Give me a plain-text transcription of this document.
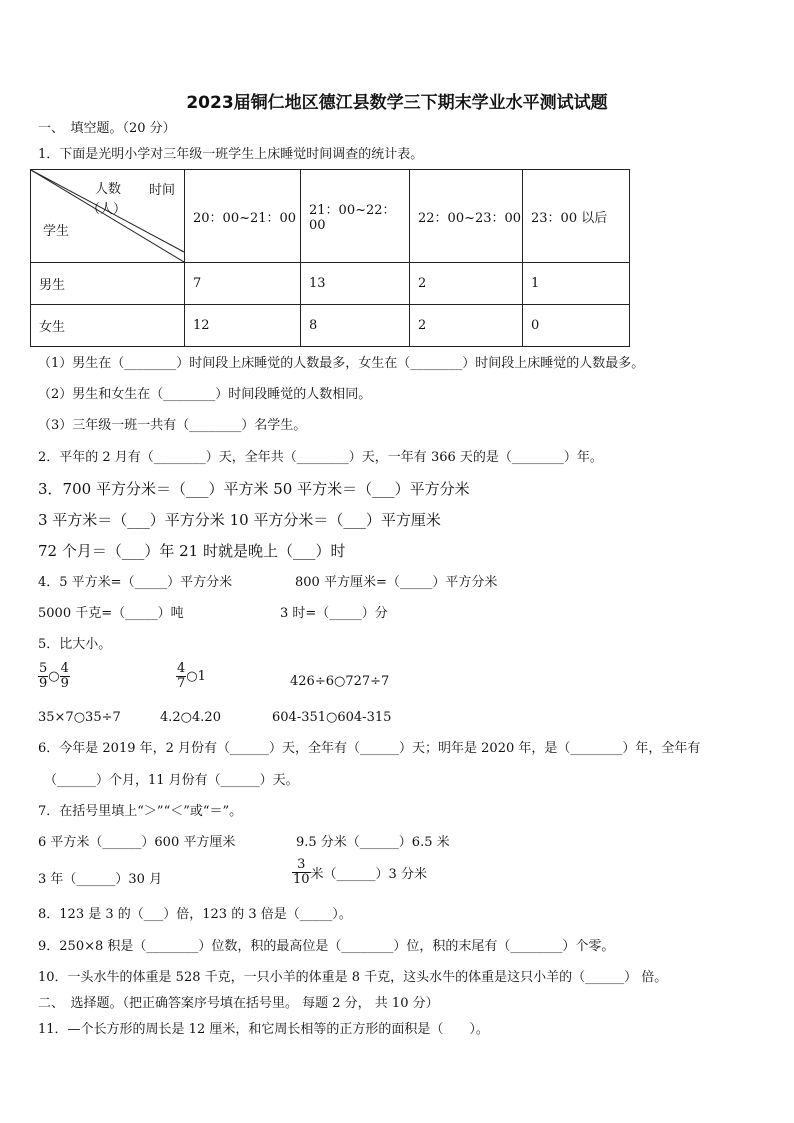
2023届铜仁地区德江县数学三下期末学业水平测试试题
一、　填空题。（20 分）
1．下面是光明小学对三年级一班学生上床睡觉时间调查的统计表。
时间
人数
（人）
学生	20：00~21：00	21：00~22：00	22：00~23：00	23：00 以后
男生	7	13	2	1
女生	12	8	2	0
（1）男生在（________）时间段上床睡觉的人数最多，女生在（________）时间段上床睡觉的人数最多。
（2）男生和女生在（________）时间段睡觉的人数相同。
（3）三年级一班一共有（________）名学生。
2．平年的 2 月有（________）天，全年共（________）天，一年有 366 天的是（________）年。
3．700 平方分米＝（___）平方米 50 平方米＝（___）平方分米
3 平方米＝（___）平方分米 10 平方分米＝（___）平方厘米
72 个月＝（___）年 21 时就是晚上（___）时
4．5 平方米=（_____）平方分米	800 平方厘米=（_____）平方分米
5000 千克=（_____）吨	3 时=（_____）分
5．比大小。
$\frac{5}{9}$ ○ $\frac{4}{9}$	$\frac{4}{7}$ ○1	426÷6○727÷7
35×7○35÷7	4.2○4.20	604-351○604-315
6．今年是 2019 年，2 月份有（______）天，全年有（______）天；明年是 2020 年，是（________）年，全年有
（______）个月，11 月份有（______）天。
7．在括号里填上“＞”“＜”或“＝”。
6 平方米（______）600 平方厘米	9.5 分米（______）6.5 米
3 年（______）30 月	$\frac{3}{10}$ 米（______）3 分米
8．123 是 3 的（___）倍，123 的 3 倍是（_____）。
9．250×8 积是（________）位数，积的最高位是（________）位，积的末尾有（________）个零。
10．一头水牛的体重是 528 千克，一只小羊的体重是 8 千克，这头水牛的体重是这只小羊的（______） 倍。
二、　选择题。（把正确答案序号填在括号里。 每题 2 分， 共 10 分）
11．—个长方形的周长是 12 厘米，和它周长相等的正方形的面积是（　　）。
